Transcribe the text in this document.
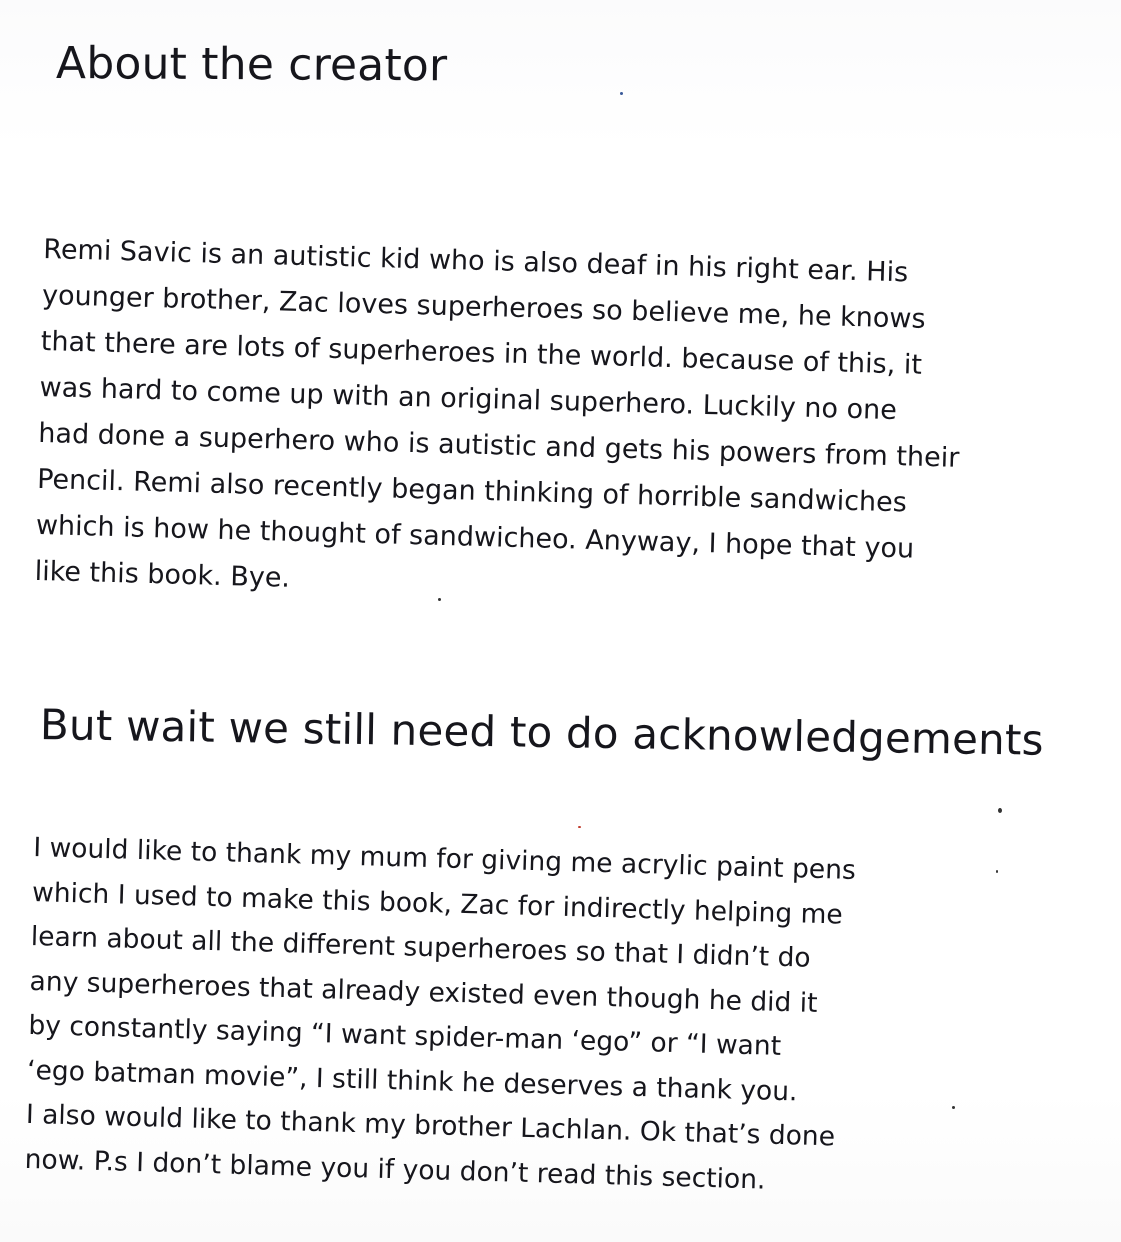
About the creator
Remi Savic is an autistic kid who is also deaf in his right ear. His
younger brother, Zac loves superheroes so believe me, he knows
that there are lots of superheroes in the world. because of this, it
was hard to come up with an original superhero. Luckily no one
had done a superhero who is autistic and gets his powers from their
Pencil. Remi also recently began thinking of horrible sandwiches
which is how he thought of sandwicheo. Anyway, I hope that you
like this book. Bye.
But wait we still need to do acknowledgements
I would like to thank my mum for giving me acrylic paint pens
which I used to make this book, Zac for indirectly helping me
learn about all the different superheroes so that I didn’t do
any superheroes that already existed even though he did it
by constantly saying “I want spider-man ‘ego” or “I want
‘ego batman movie”, I still think he deserves a thank you.
I also would like to thank my brother Lachlan. Ok that’s done
now. P.s I don’t blame you if you don’t read this section.
